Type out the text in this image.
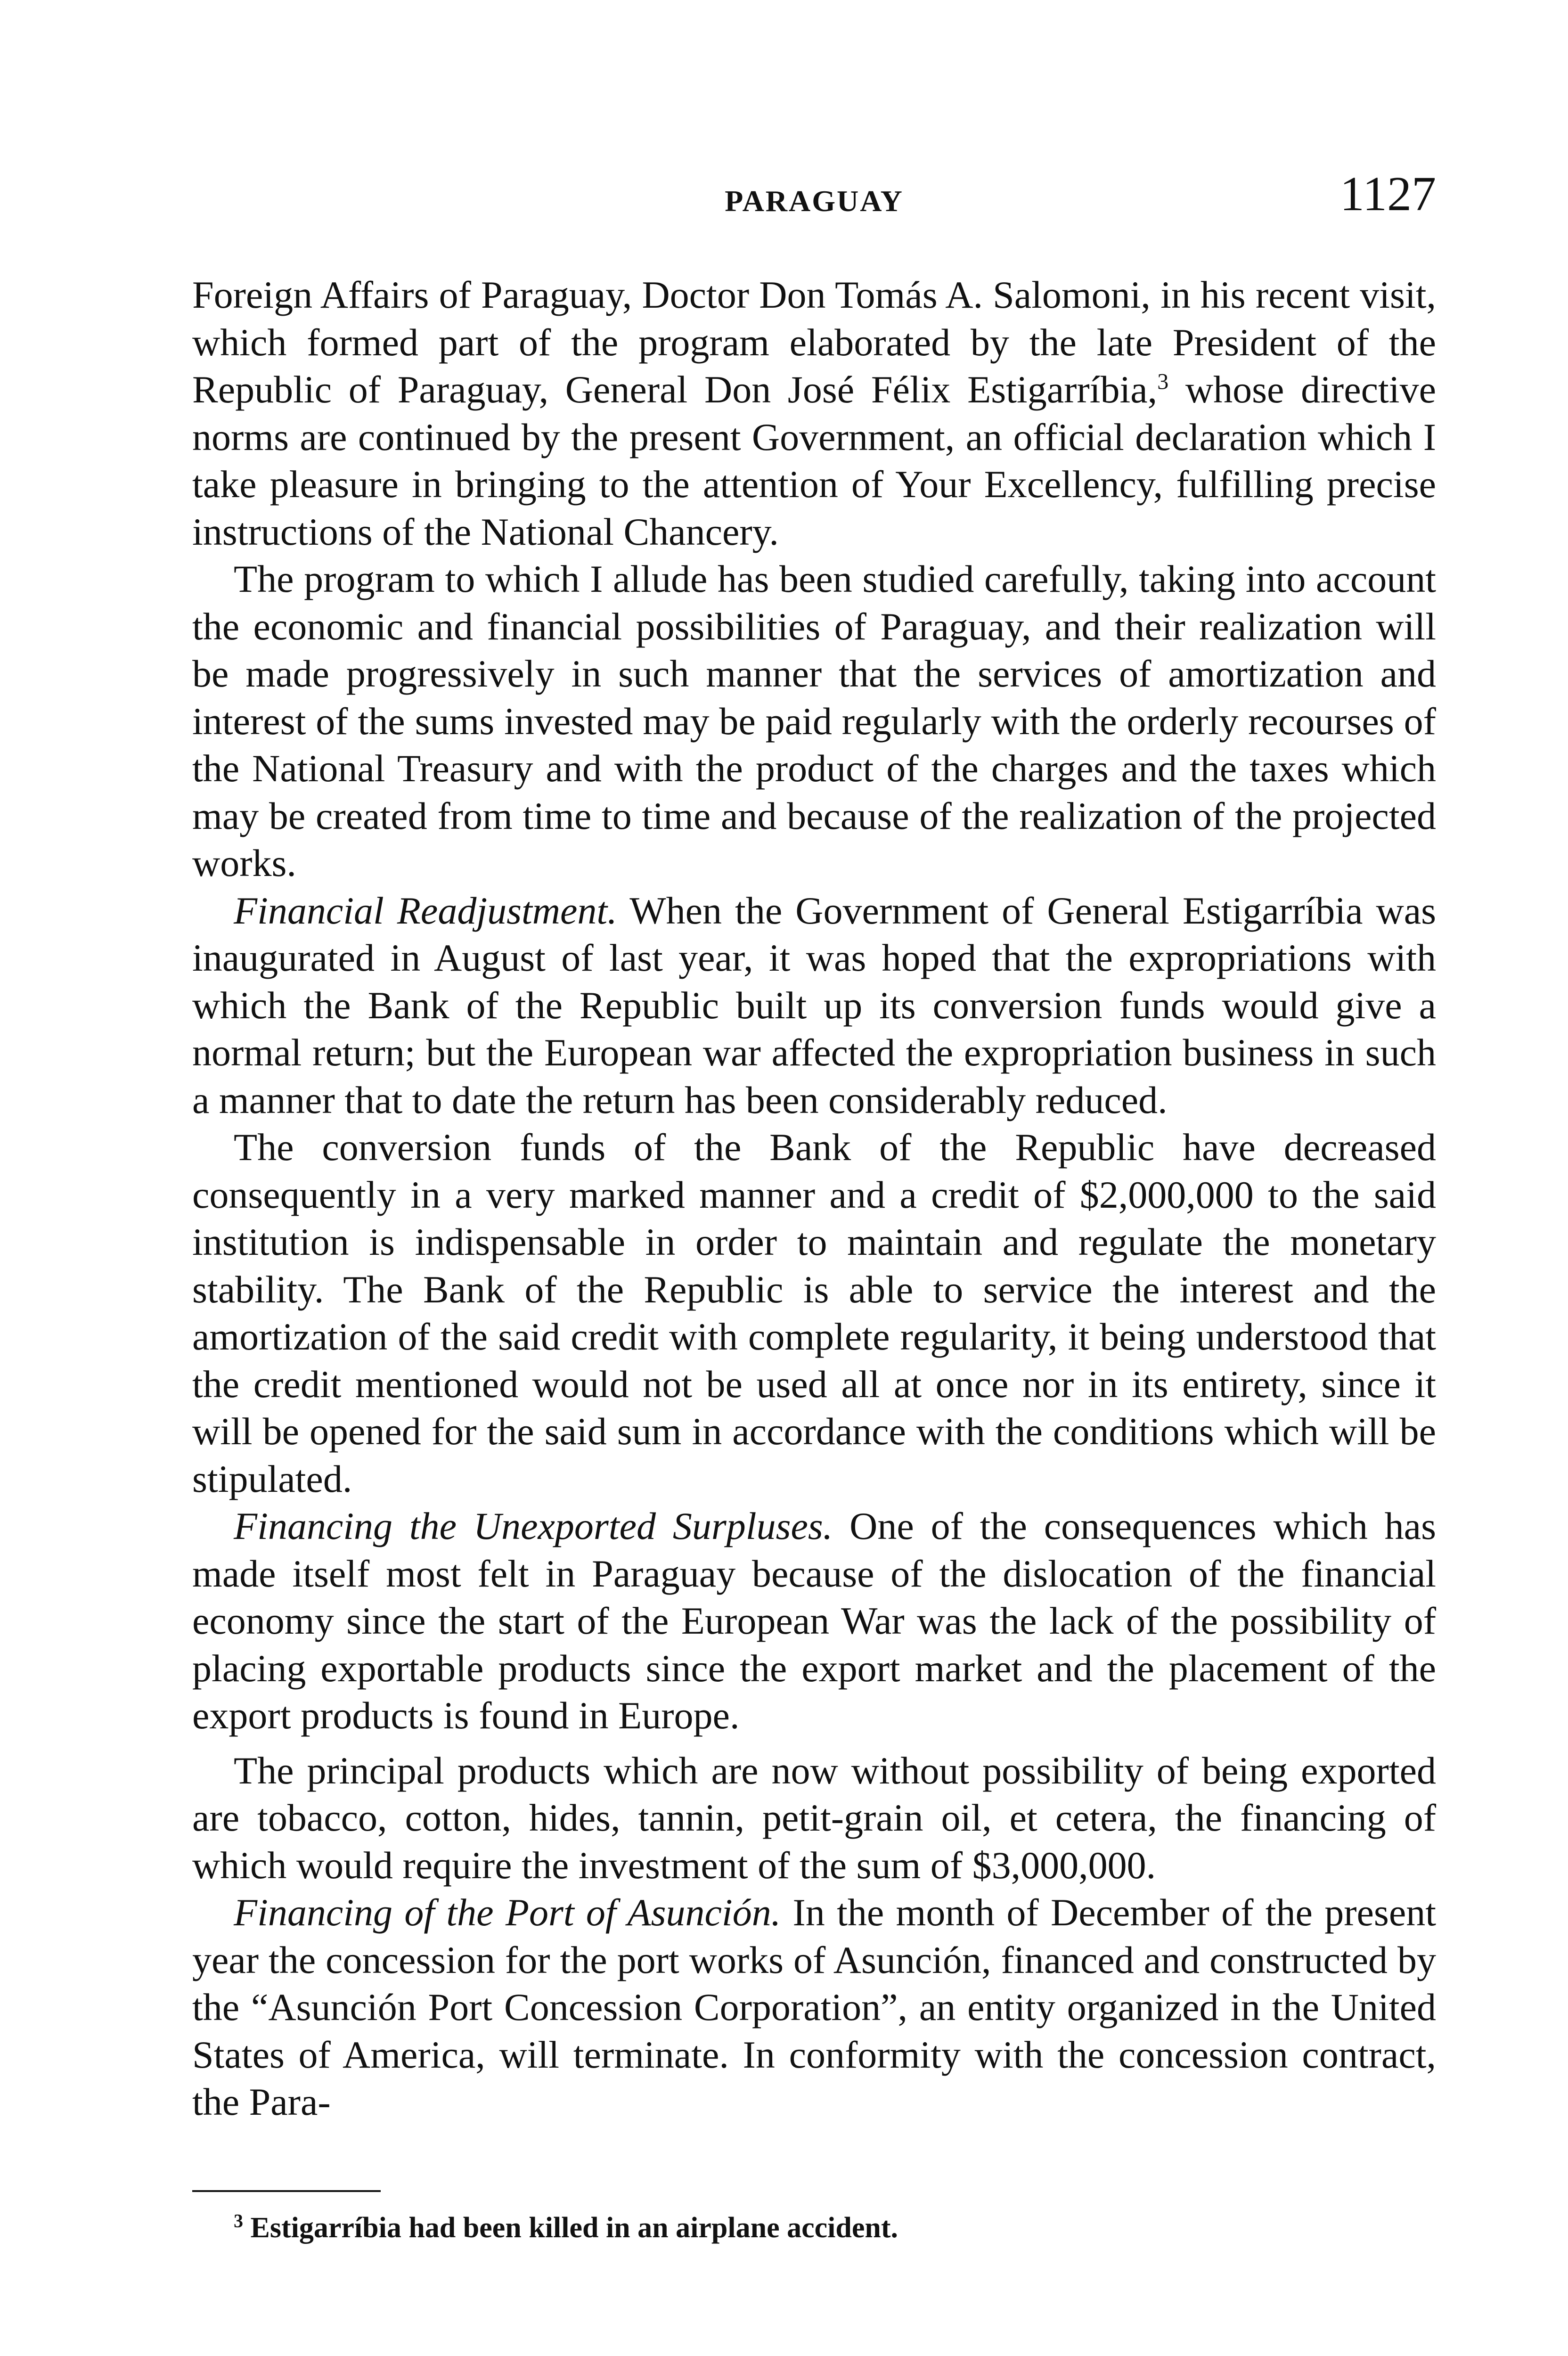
PARAGUAY	1127

Foreign Affairs of Paraguay, Doctor Don Tomás A. Salomoni, in his recent visit, which formed part of the program elaborated by the late President of the Republic of Paraguay, General Don José Félix Estigarríbia,$^3$ whose directive norms are continued by the present Government, an official declaration which I take pleasure in bringing to the attention of Your Excellency, fulfilling precise instructions of the National Chancery.

The program to which I allude has been studied carefully, taking into account the economic and financial possibilities of Paraguay, and their realization will be made progressively in such manner that the services of amortization and interest of the sums invested may be paid regularly with the orderly recourses of the National Treasury and with the product of the charges and the taxes which may be created from time to time and because of the realization of the projected works.

Financial Readjustment. When the Government of General Estigarríbia was inaugurated in August of last year, it was hoped that the expropriations with which the Bank of the Republic built up its conversion funds would give a normal return; but the European war affected the expropriation business in such a manner that to date the return has been considerably reduced.

The conversion funds of the Bank of the Republic have decreased consequently in a very marked manner and a credit of $2,000,000 to the said institution is indispensable in order to maintain and regulate the monetary stability. The Bank of the Republic is able to service the interest and the amortization of the said credit with complete regularity, it being understood that the credit mentioned would not be used all at once nor in its entirety, since it will be opened for the said sum in accordance with the conditions which will be stipulated.

Financing the Unexported Surpluses. One of the consequences which has made itself most felt in Paraguay because of the dislocation of the financial economy since the start of the European War was the lack of the possibility of placing exportable products since the export market and the placement of the export products is found in Europe.

The principal products which are now without possibility of being exported are tobacco, cotton, hides, tannin, petit-grain oil, et cetera, the financing of which would require the investment of the sum of $3,000,000.

Financing of the Port of Asunción. In the month of December of the present year the concession for the port works of Asunción, financed and constructed by the “Asunción Port Concession Corporation”, an entity organized in the United States of America, will terminate. In conformity with the concession contract, the Para-

$^3$ Estigarríbia had been killed in an airplane accident.
